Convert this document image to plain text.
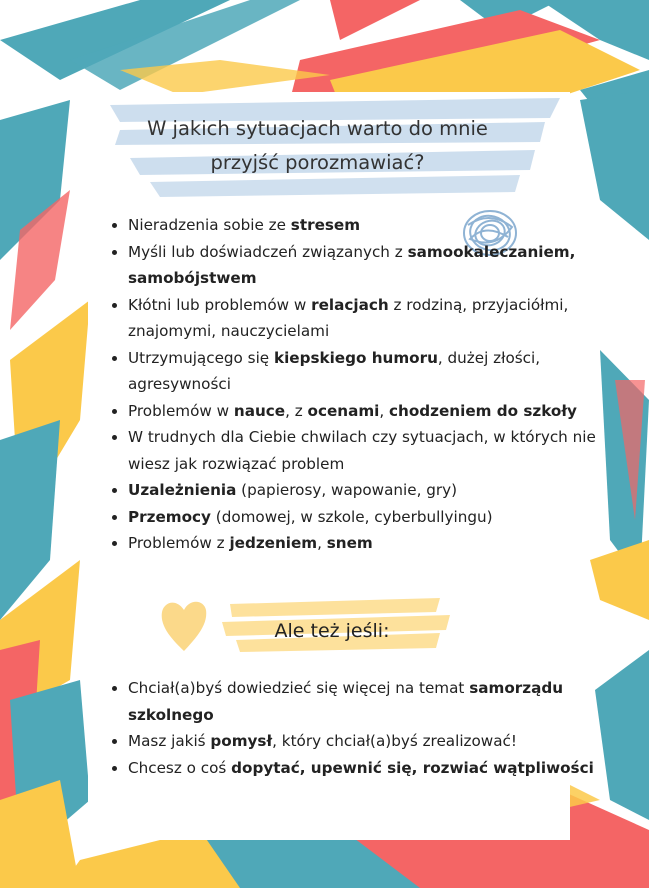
W jakich sytuacjach warto do mnie
przyjść porozmawiać?
• Nieradzenia sobie ze stresem
• Myśli lub doświadczeń związanych z samookaleczaniem, samobójstwem
• Kłótni lub problemów w relacjach z rodziną, przyjaciółmi, znajomymi, nauczycielami
• Utrzymującego się kiepskiego humoru, dużej złości, agresywności
• Problemów w nauce, z ocenami, chodzeniem do szkoły
• W trudnych dla Ciebie chwilach czy sytuacjach, w których nie wiesz jak rozwiązać problem
• Uzależnienia (papierosy, wapowanie, gry)
• Przemocy (domowej, w szkole, cyberbullyingu)
• Problemów z jedzeniem, snem
Ale też jeśli:
• Chciał(a)byś dowiedzieć się więcej na temat samorządu szkolnego
• Masz jakiś pomysł, który chciał(a)byś zrealizować!
• Chcesz o coś dopytać, upewnić się, rozwiać wątpliwości
